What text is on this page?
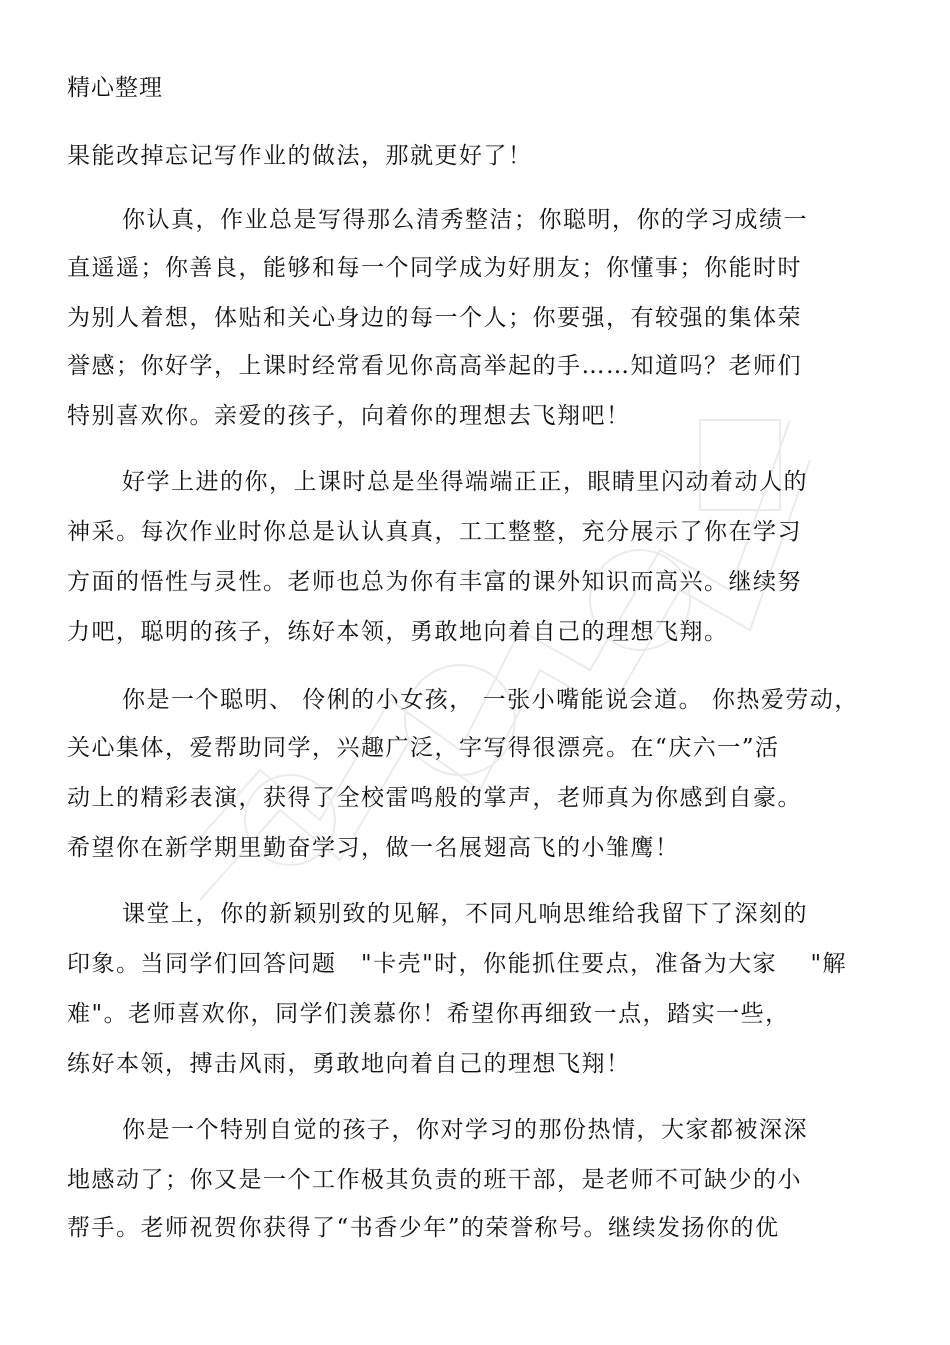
精心整理
果能改掉忘记写作业的做法，那就更好了！
你认真，作业总是写得那么清秀整洁；你聪明，你的学习成绩一
直遥遥；你善良，能够和每一个同学成为好朋友；你懂事；你能时时
为别人着想，体贴和关心身边的每一个人；你要强，有较强的集体荣
誉感；你好学，上课时经常看见你高高举起的手……知道吗？老师们
特别喜欢你。亲爱的孩子，向着你的理想去飞翔吧！
好学上进的你，上课时总是坐得端端正正，眼睛里闪动着动人的
神采。每次作业时你总是认认真真，工工整整，充分展示了你在学习
方面的悟性与灵性。老师也总为你有丰富的课外知识而高兴。继续努
力吧，聪明的孩子，练好本领，勇敢地向着自己的理想飞翔。
你是一个聪明、 伶俐的小女孩， 一张小嘴能说会道。 你热爱劳动，
关心集体，爱帮助同学，兴趣广泛，字写得很漂亮。在“庆六一”活
动上的精彩表演，获得了全校雷鸣般的掌声，老师真为你感到自豪。
希望你在新学期里勤奋学习，做一名展翅高飞的小雏鹰！
课堂上，你的新颖别致的见解，不同凡响思维给我留下了深刻的
印象。当同学们回答问题　"卡壳"时，你能抓住要点，准备为大家　 "解
难"。老师喜欢你，同学们羡慕你！希望你再细致一点，踏实一些，
练好本领，搏击风雨，勇敢地向着自己的理想飞翔！
你是一个特别自觉的孩子，你对学习的那份热情，大家都被深深
地感动了；你又是一个工作极其负责的班干部，是老师不可缺少的小
帮手。老师祝贺你获得了“书香少年”的荣誉称号。继续发扬你的优
